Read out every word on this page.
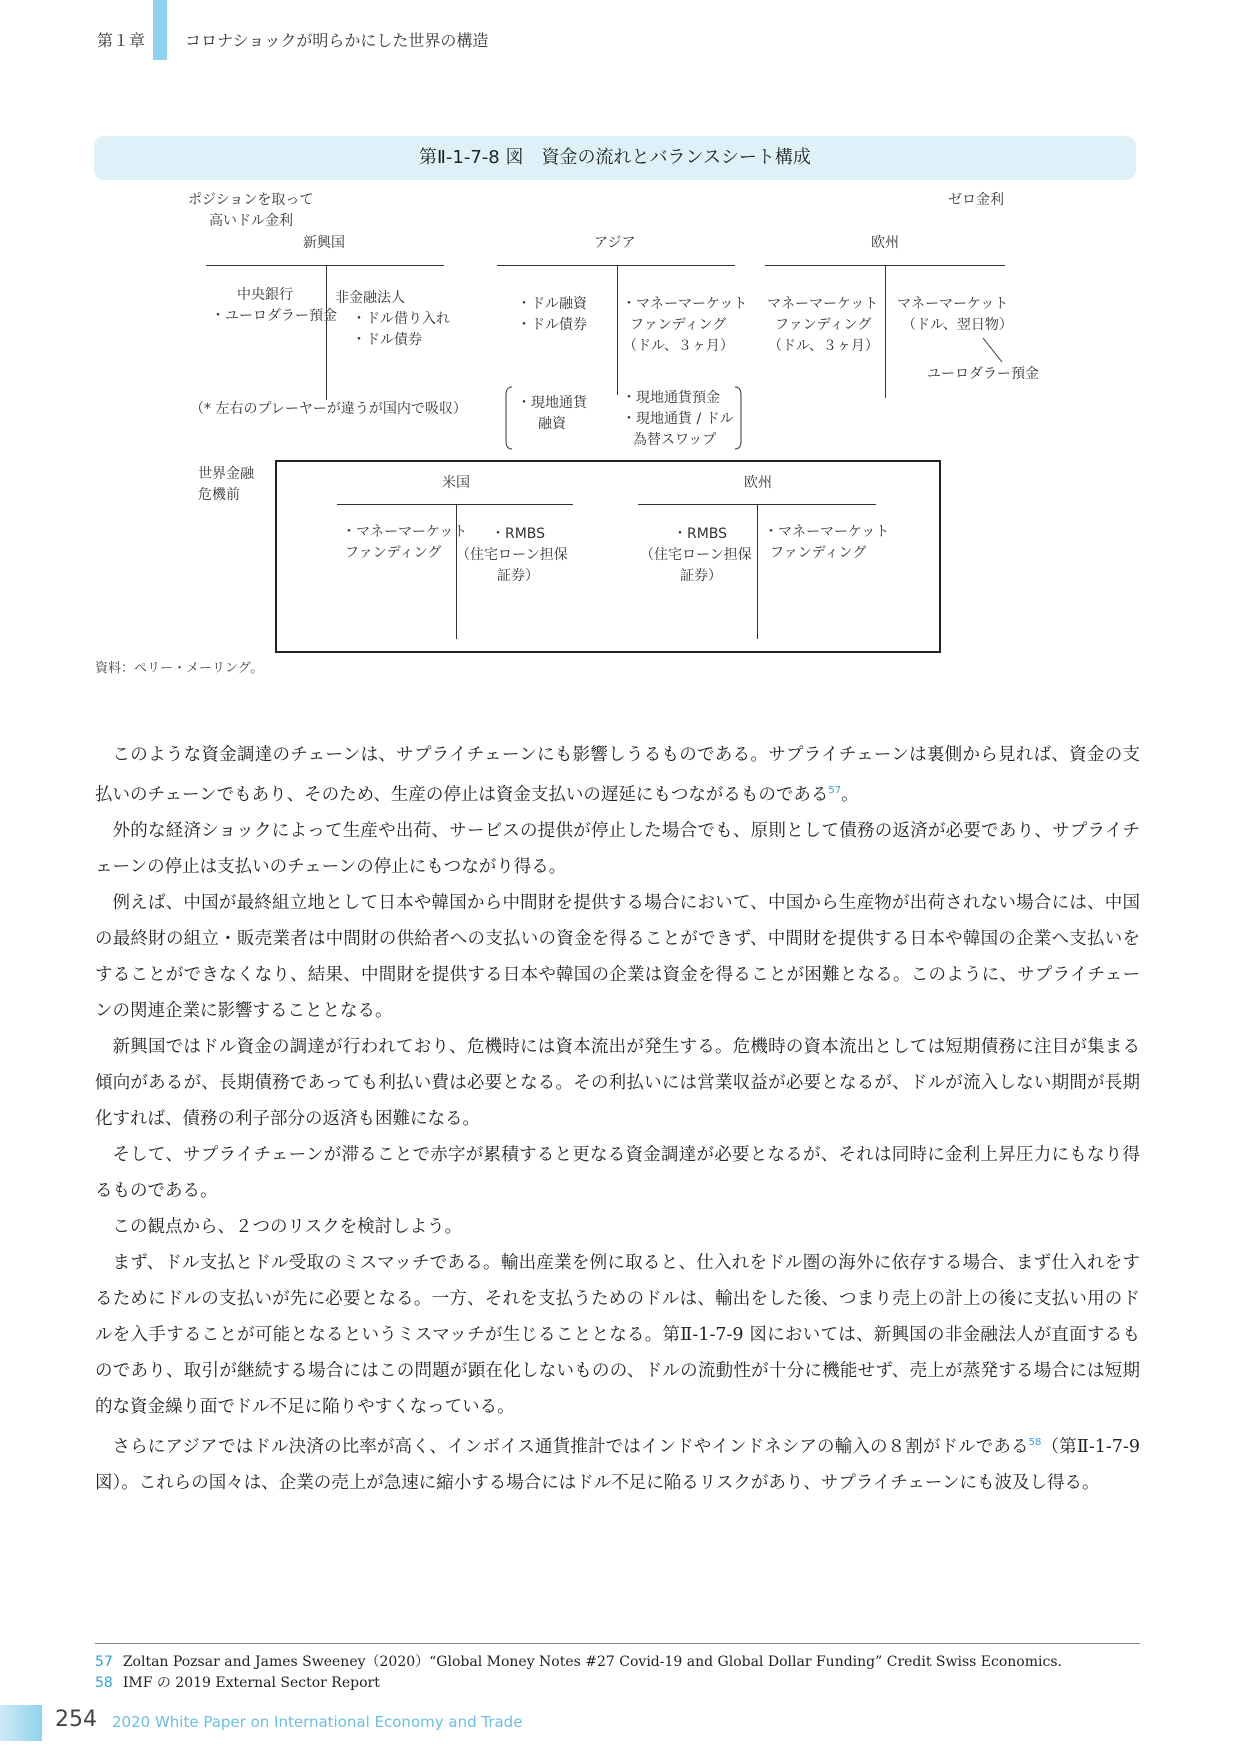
第１章 コロナショックが明らかにした世界の構造
第Ⅱ-1-7-8 図　資金の流れとバランスシート構成
ポジションを取って
高いドル金利
ゼロ金利
新興国
中央銀行
・ユーロダラー預金
非金融法人
・ドル借り入れ
・ドル債券
（* 左右のプレーヤーが違うが国内で吸収）
アジア
・ドル融資
・ドル債券
・マネーマーケット
ファンディング
（ドル、３ヶ月）
・現地通貨
融資
・現地通貨預金
・現地通貨 / ドル
為替スワップ
欧州
マネーマーケット
ファンディング
（ドル、３ヶ月）
マネーマーケット
（ドル、翌日物）
ユーロダラー預金
世界金融
危機前
米国
・マネーマーケット
ファンディング
・RMBS
（住宅ローン担保
証券）
欧州
・RMBS
（住宅ローン担保
証券）
・マネーマーケット
ファンディング
資料：ペリー・メーリング。

このような資金調達のチェーンは、サプライチェーンにも影響しうるものである。サプライチェーンは裏側から見れば、資金の支払いのチェーンでもあり、そのため、生産の停止は資金支払いの遅延にもつながるものである$^{57}$。

外的な経済ショックによって生産や出荷、サービスの提供が停止した場合でも、原則として債務の返済が必要であり、サプライチェーンの停止は支払いのチェーンの停止にもつながり得る。

例えば、中国が最終組立地として日本や韓国から中間財を提供する場合において、中国から生産物が出荷されない場合には、中国の最終財の組立・販売業者は中間財の供給者への支払いの資金を得ることができず、中間財を提供する日本や韓国の企業へ支払いをすることができなくなり、結果、中間財を提供する日本や韓国の企業は資金を得ることが困難となる。このように、サプライチェーンの関連企業に影響することとなる。

新興国ではドル資金の調達が行われており、危機時には資本流出が発生する。危機時の資本流出としては短期債務に注目が集まる傾向があるが、長期債務であっても利払い費は必要となる。その利払いには営業収益が必要となるが、ドルが流入しない期間が長期化すれば、債務の利子部分の返済も困難になる。

そして、サプライチェーンが滞ることで赤字が累積すると更なる資金調達が必要となるが、それは同時に金利上昇圧力にもなり得るものである。

この観点から、２つのリスクを検討しよう。

まず、ドル支払とドル受取のミスマッチである。輸出産業を例に取ると、仕入れをドル圏の海外に依存する場合、まず仕入れをするためにドルの支払いが先に必要となる。一方、それを支払うためのドルは、輸出をした後、つまり売上の計上の後に支払い用のドルを入手することが可能となるというミスマッチが生じることとなる。第Ⅱ-1-7-9 図においては、新興国の非金融法人が直面するものであり、取引が継続する場合にはこの問題が顕在化しないものの、ドルの流動性が十分に機能せず、売上が蒸発する場合には短期的な資金繰り面でドル不足に陥りやすくなっている。

さらにアジアではドル決済の比率が高く、インボイス通貨推計ではインドやインドネシアの輸入の８割がドルである$^{58}$（第Ⅱ-1-7-9 図）。これらの国々は、企業の売上が急速に縮小する場合にはドル不足に陥るリスクがあり、サプライチェーンにも波及し得る。

57 Zoltan Pozsar and James Sweeney（2020）“Global Money Notes #27 Covid-19 and Global Dollar Funding” Credit Swiss Economics.
58 IMF の 2019 External Sector Report
254 2020 White Paper on International Economy and Trade
